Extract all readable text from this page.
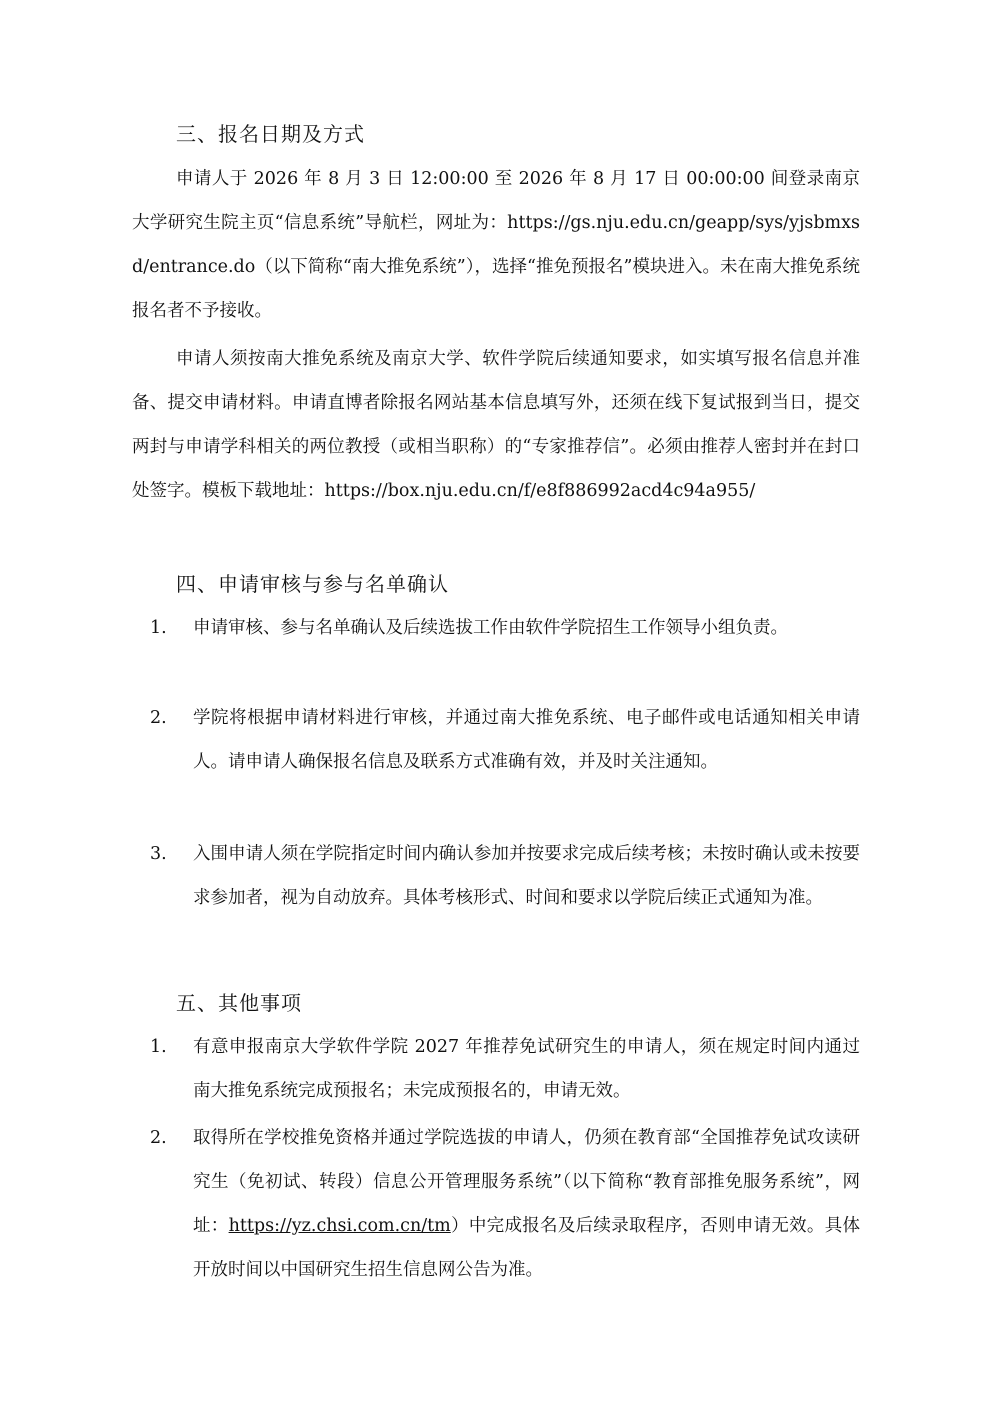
三、报名日期及方式
申请人于 2026 年 8 月 3 日 12:00:00 至 2026 年 8 月 17 日 00:00:00 间登录南京大学研究生院主页“信息系统”导航栏，网址为：https://gs.nju.edu.cn/geapp/sys/yjsbmxsd/entrance.do（以下简称“南大推免系统”），选择“推免预报名”模块进入。未在南大推免系统报名者不予接收。
申请人须按南大推免系统及南京大学、软件学院后续通知要求，如实填写报名信息并准备、提交申请材料。申请直博者除报名网站基本信息填写外，还须在线下复试报到当日，提交两封与申请学科相关的两位教授（或相当职称）的“专家推荐信”。必须由推荐人密封并在封口处签字。模板下载地址：https://box.nju.edu.cn/f/e8f886992acd4c94a955/
四、申请审核与参与名单确认
1. 申请审核、参与名单确认及后续选拔工作由软件学院招生工作领导小组负责。
2. 学院将根据申请材料进行审核，并通过南大推免系统、电子邮件或电话通知相关申请人。请申请人确保报名信息及联系方式准确有效，并及时关注通知。
3. 入围申请人须在学院指定时间内确认参加并按要求完成后续考核；未按时确认或未按要求参加者，视为自动放弃。具体考核形式、时间和要求以学院后续正式通知为准。
五、其他事项
1. 有意申报南京大学软件学院 2027 年推荐免试研究生的申请人，须在规定时间内通过南大推免系统完成预报名；未完成预报名的，申请无效。
2. 取得所在学校推免资格并通过学院选拔的申请人，仍须在教育部“全国推荐免试攻读研究生（免初试、转段）信息公开管理服务系统”（以下简称“教育部推免服务系统”，网址：https://yz.chsi.com.cn/tm）中完成报名及后续录取程序，否则申请无效。具体开放时间以中国研究生招生信息网公告为准。
